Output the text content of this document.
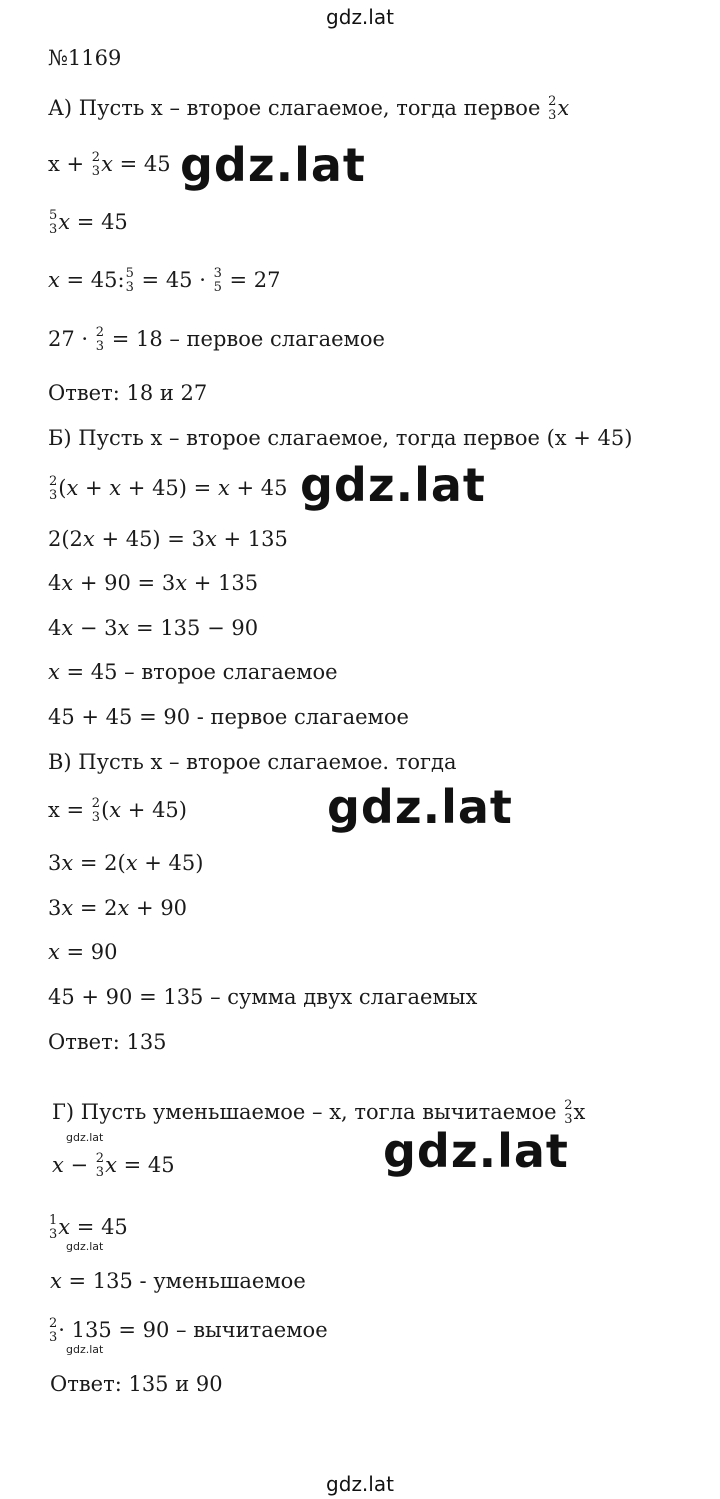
gdz.lat
gdz.lat
gdz.lat
gdz.lat
gdz.lat
gdz.lat
gdz.lat
gdz.lat
gdz.lat
№1169
А) Пусть х – второе слагаемое, тогда первое 2
3 x
x + 2
3 x = 45
5
3 x = 45
x = 45: 5
3 = 45 · 3
5 = 27
27 · 2
3 = 18 – первое слагаемое
Ответ: 18 и 27
Б) Пусть х – второе слагаемое, тогда первое (х + 45)
2
3 (x + x + 45) = x + 45
2(2x + 45) = 3x + 135
4x + 90 = 3x + 135
4x − 3x = 135 − 90
x = 45 – второе слагаемое
45 + 45 = 90 - первое слагаемое
В) Пусть х – второе слагаемое. тогда
х = 2
3 (x + 45)
3x = 2(x + 45)
3x = 2x + 90
x = 90
45 + 90 = 135 – сумма двух слагаемых
Ответ: 135
Г) Пусть уменьшаемое – х, тогла вычитаемое 2
3 х
x − 2
3 x = 45
1
3 x = 45
x = 135 - уменьшаемое
2
3 · 135 = 90 – вычитаемое
Ответ: 135 и 90
